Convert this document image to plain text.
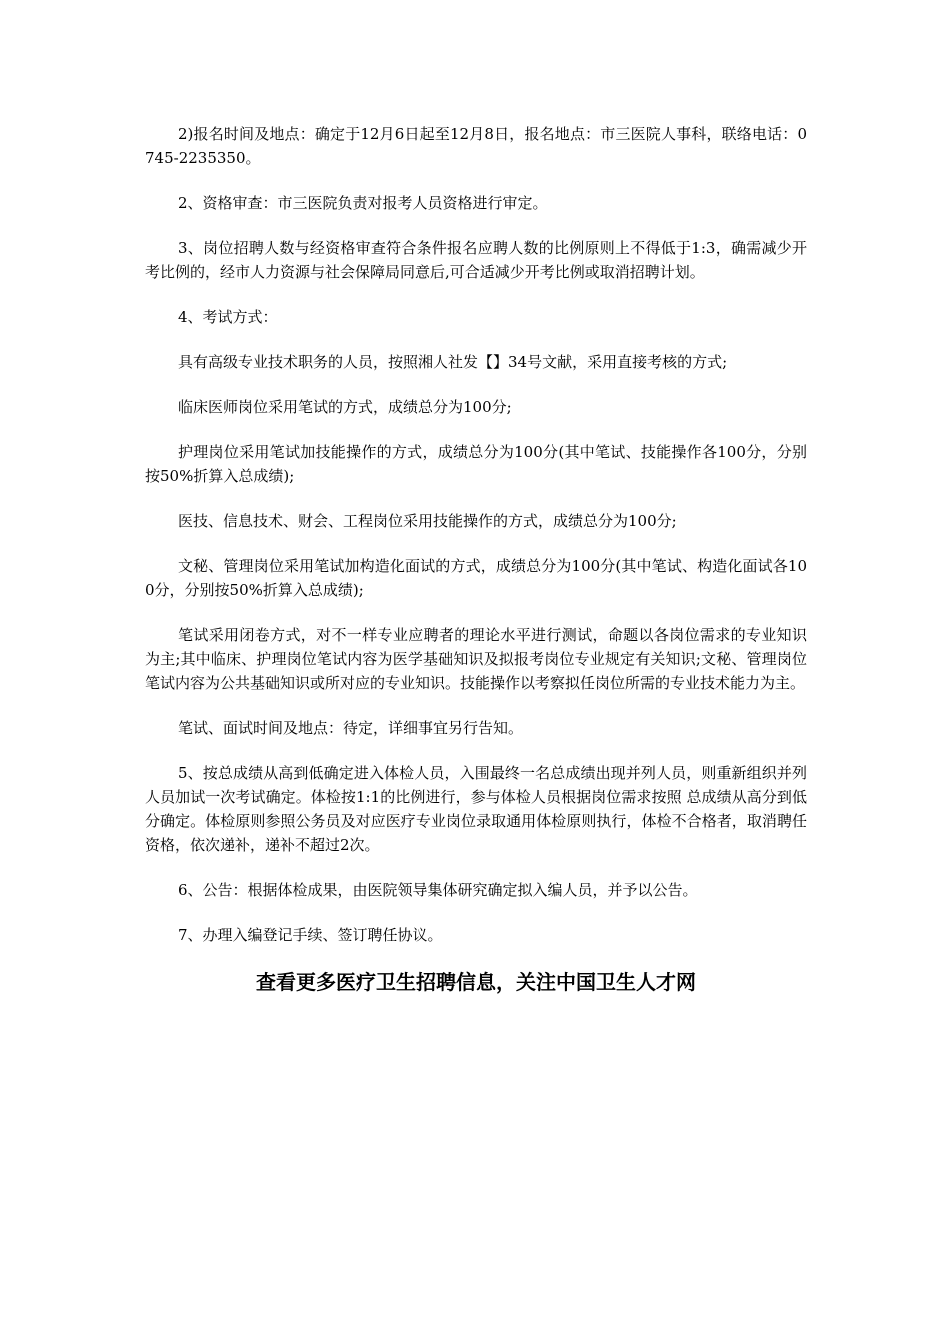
2)报名时间及地点：确定于12月6日起至12月8日，报名地点：市三医院人事科，联络电话：0745-2235350。

2、资格审查：市三医院负责对报考人员资格进行审定。

3、岗位招聘人数与经资格审查符合条件报名应聘人数的比例原则上不得低于1:3，确需减少开考比例的，经市人力资源与社会保障局同意后,可合适减少开考比例或取消招聘计划。

4、考试方式：

具有高级专业技术职务的人员，按照湘人社发【】34号文献，采用直接考核的方式;

临床医师岗位采用笔试的方式，成绩总分为100分;

护理岗位采用笔试加技能操作的方式，成绩总分为100分(其中笔试、技能操作各100分，分别按50%折算入总成绩);

医技、信息技术、财会、工程岗位采用技能操作的方式，成绩总分为100分;

文秘、管理岗位采用笔试加构造化面试的方式，成绩总分为100分(其中笔试、构造化面试各100分，分别按50%折算入总成绩);

笔试采用闭卷方式，对不一样专业应聘者的理论水平进行测试，命题以各岗位需求的专业知识为主;其中临床、护理岗位笔试内容为医学基础知识及拟报考岗位专业规定有关知识;文秘、管理岗位笔试内容为公共基础知识或所对应的专业知识。技能操作以考察拟任岗位所需的专业技术能力为主。

笔试、面试时间及地点：待定，详细事宜另行告知。

5、按总成绩从高到低确定进入体检人员，入围最终一名总成绩出现并列人员，则重新组织并列人员加试一次考试确定。体检按1:1的比例进行，参与体检人员根据岗位需求按照 总成绩从高分到低分确定。体检原则参照公务员及对应医疗专业岗位录取通用体检原则执行，体检不合格者，取消聘任资格，依次递补，递补不超过2次。

6、公告：根据体检成果，由医院领导集体研究确定拟入编人员，并予以公告。

7、办理入编登记手续、签订聘任协议。

查看更多医疗卫生招聘信息，关注中国卫生人才网
